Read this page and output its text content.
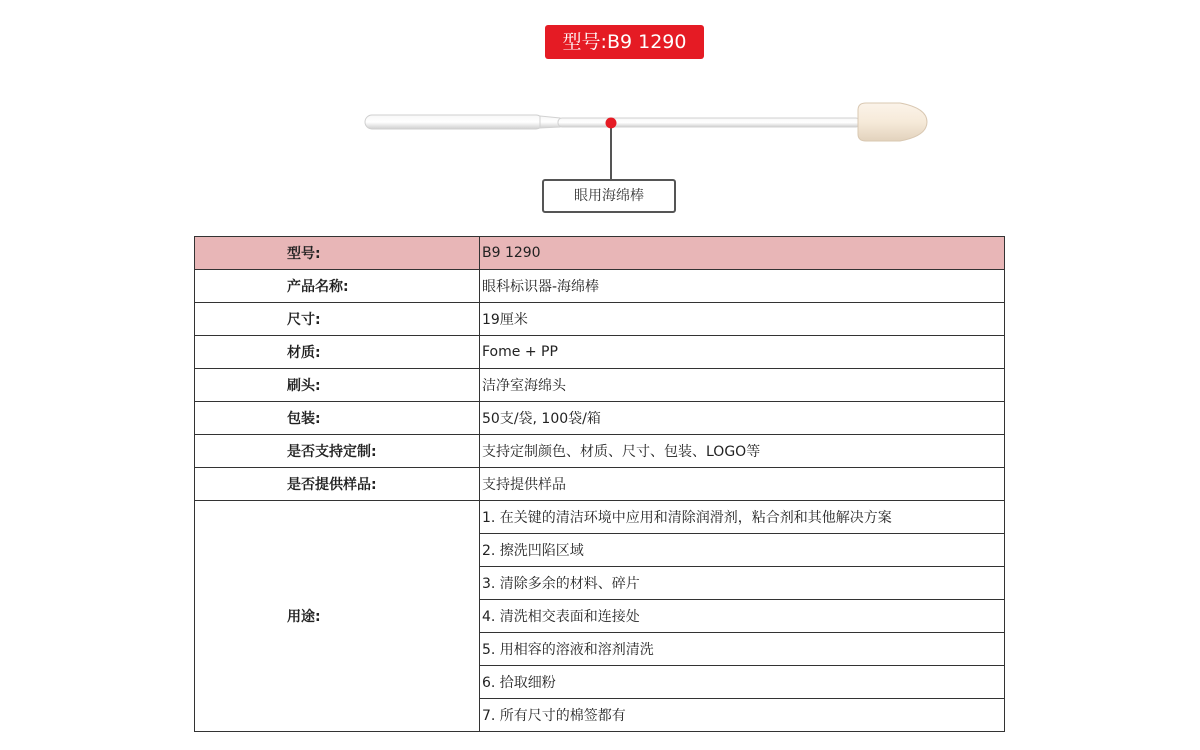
型号:B9 1290
眼用海绵棒
型号:	B9 1290
产品名称:	眼科标识器-海绵棒
尺寸:	19厘米
材质:	Fome + PP
刷头:	洁净室海绵头
包装:	50支/袋, 100袋/箱
是否支持定制:	支持定制颜色、材质、尺寸、包装、LOGO等
是否提供样品:	支持提供样品
用途:	1. 在关键的清洁环境中应用和清除润滑剂，粘合剂和其他解决方案
	2. 擦洗凹陷区域
	3. 清除多余的材料、碎片
	4. 清洗相交表面和连接处
	5. 用相容的溶液和溶剂清洗
	6. 拾取细粉
	7. 所有尺寸的棉签都有
